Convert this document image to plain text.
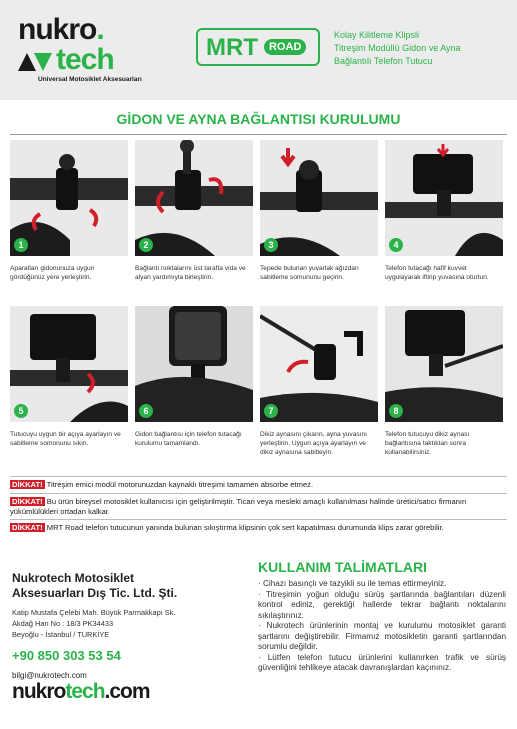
nukro.
tech
Universal Motosiklet Aksesuarları
MRT	ROAD
Kolay Kilitleme Klipsli
Titreşim Modüllü Gidon ve Ayna
Bağlantılı Telefon Tutucu
GİDON VE AYNA BAĞLANTISI KURULUMU
1
Aparatları gidonunuza uygun gördüğünüz yere yerleştirin.
2
Bağlantı noktalarını üst tarafta vida ve alyan yardımıyla birleştirin.
3
Tepede bulunan yuvarlak ağızdan sabitleme somununu geçirin.
4
Telefon tutacağı hafif kuvvet uygulayarak iftirip yuvasına oturtun.
5
Tutucuyu uygun bir açıya ayarlayın ve sabitleme somonunu sıkın.
6
Gidon bağlantısı için telefon tutacağı kurulumu tamamlandı.
7
Dikiz aynasını çıkarın, ayna yuvasını yerleştirin. Uygun açıya ayarlayın ve dikiz aynasına sabitleyin.
8
Telefon tutucuyu dikiz aynası bağlantısına taktıktan sonra kullanabilirsiniz.
DİKKAT! Titreşim emici modül motorunuzdan kaynaklı titreşimi tamamen absorbe etmez.
DİKKAT! Bu ürün bireysel motosiklet kullanıcısı için geliştirilmiştir. Ticari veya mesleki amaçlı kullanılması halinde üretici/satıcı firmanın yükümlülükleri ortadan kalkar.
DİKKAT! MRT Road telefon tutucunun yanında bulunan sıkıştırma klipsinin çok sert kapatılması durumunda klips zarar görebilir.
Nukrotech Motosiklet
Aksesuarları Dış Tic. Ltd. Şti.
Katip Mustafa Çelebi Mah. Büyük Parmakkapı Sk.
Akdağ Han No : 18/3 PK34433
Beyoğlu - İstanbul / TURKİYE
+90 850 303 53 54
bilgi@nukrotech.com
nukrotech.com
KULLANIM TALİMATLARI

· Cihazı basınçlı ve tazyikli su ile temas ettirmeyiniz.

· Titreşimin yoğun olduğu sürüş şartlarında bağlantıları düzenli kontrol ediniz, gerektiği hallerde tekrar bağlantı noktalarını sıkılaştırınız.

· Nukrotech ürünlerinin montaj ve kurulumu motosiklet garanti şartlarını değiştirebilir. Firmamız motosikletin garanti şartlarından sorumlu değildir.

· Lütfen telefon tutucu ürünlerini kullanırken trafik ve sürüş güvenliğini tehlikeye atacak davranışlardan kaçınınız.
